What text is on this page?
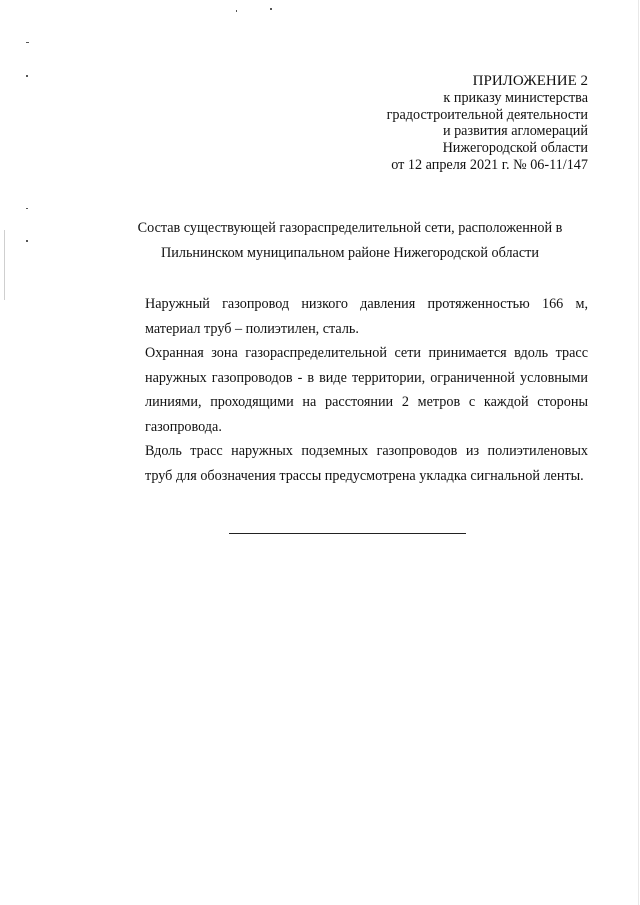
ПРИЛОЖЕНИЕ 2
к приказу министерства
градостроительной деятельности
и развития агломераций
Нижегородской области
от 12 апреля 2021 г. № 06-11/147
Состав существующей газораспределительной сети, расположенной в
Пильнинском муниципальном районе Нижегородской области
Наружный газопровод низкого давления протяженностью 166 м,
материал труб – полиэтилен, сталь.
Охранная зона газораспределительной сети принимается вдоль трасс
наружных газопроводов - в виде территории, ограниченной условными
линиями, проходящими на расстоянии 2 метров с каждой стороны
газопровода.
Вдоль трасс наружных подземных газопроводов из полиэтиленовых
труб для обозначения трассы предусмотрена укладка сигнальной ленты.
